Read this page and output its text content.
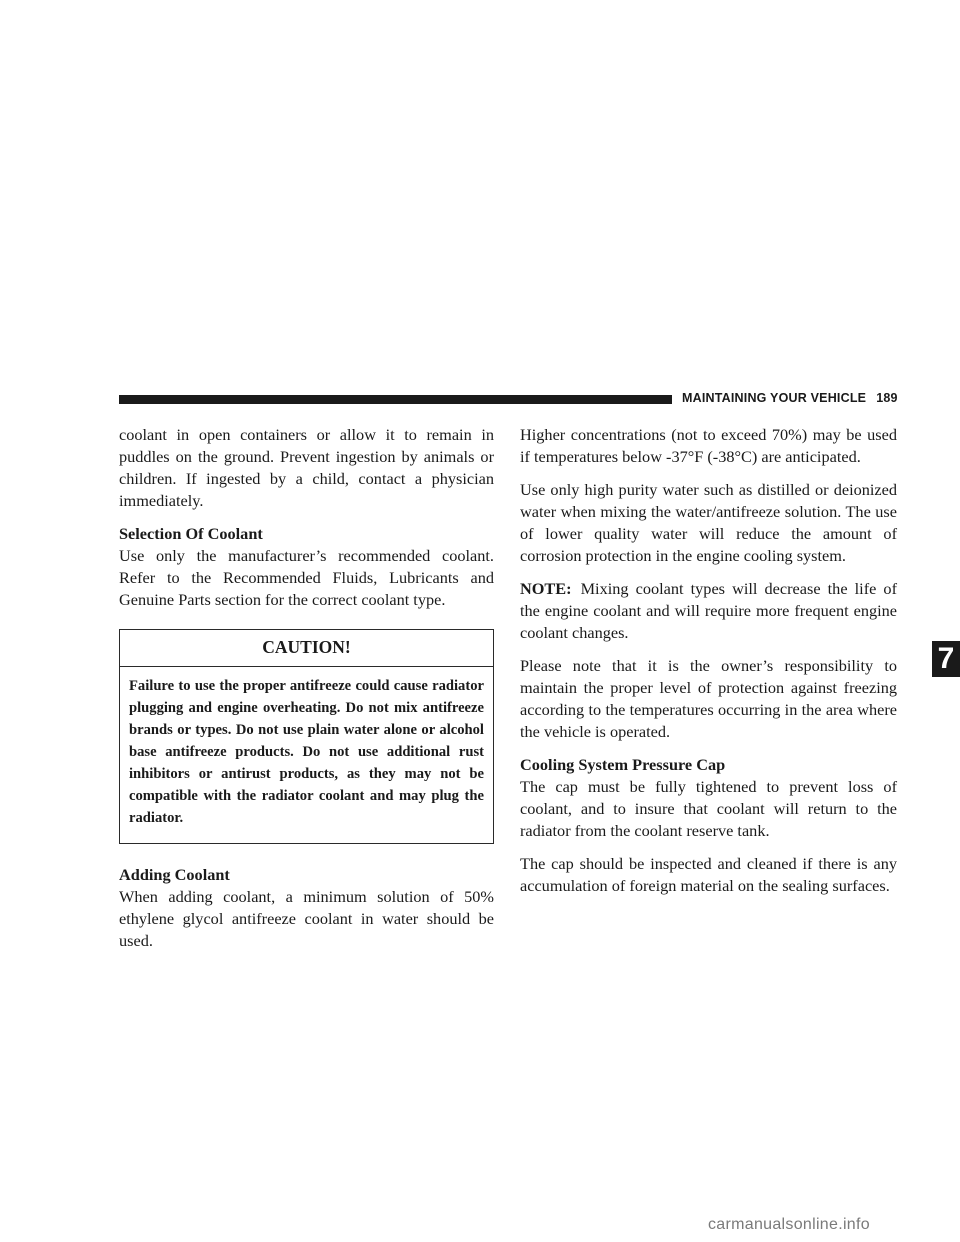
MAINTAINING YOUR VEHICLE 189

coolant in open containers or allow it to remain in puddles on the ground. Prevent ingestion by animals or children. If ingested by a child, contact a physician immediately.

Selection Of Coolant

Use only the manufacturer’s recommended coolant. Refer to the Recommended Fluids, Lubricants and Genuine Parts section for the correct coolant type.

CAUTION!

Failure to use the proper antifreeze could cause radiator plugging and engine overheating. Do not mix antifreeze brands or types. Do not use plain water alone or alcohol base antifreeze products. Do not use additional rust inhibitors or antirust products, as they may not be compatible with the radiator coolant and may plug the radiator.

Adding Coolant

When adding coolant, a minimum solution of 50% ethylene glycol antifreeze coolant in water should be used.

Higher concentrations (not to exceed 70%) may be used if temperatures below -37°F (-38°C) are anticipated.

Use only high purity water such as distilled or deionized water when mixing the water/antifreeze solution. The use of lower quality water will reduce the amount of corrosion protection in the engine cooling system.

NOTE: Mixing coolant types will decrease the life of the engine coolant and will require more frequent engine coolant changes.

Please note that it is the owner’s responsibility to maintain the proper level of protection against freezing according to the temperatures occurring in the area where the vehicle is operated.

Cooling System Pressure Cap

The cap must be fully tightened to prevent loss of coolant, and to insure that coolant will return to the radiator from the coolant reserve tank.

The cap should be inspected and cleaned if there is any accumulation of foreign material on the sealing surfaces.

7
carmanualsonline.info
